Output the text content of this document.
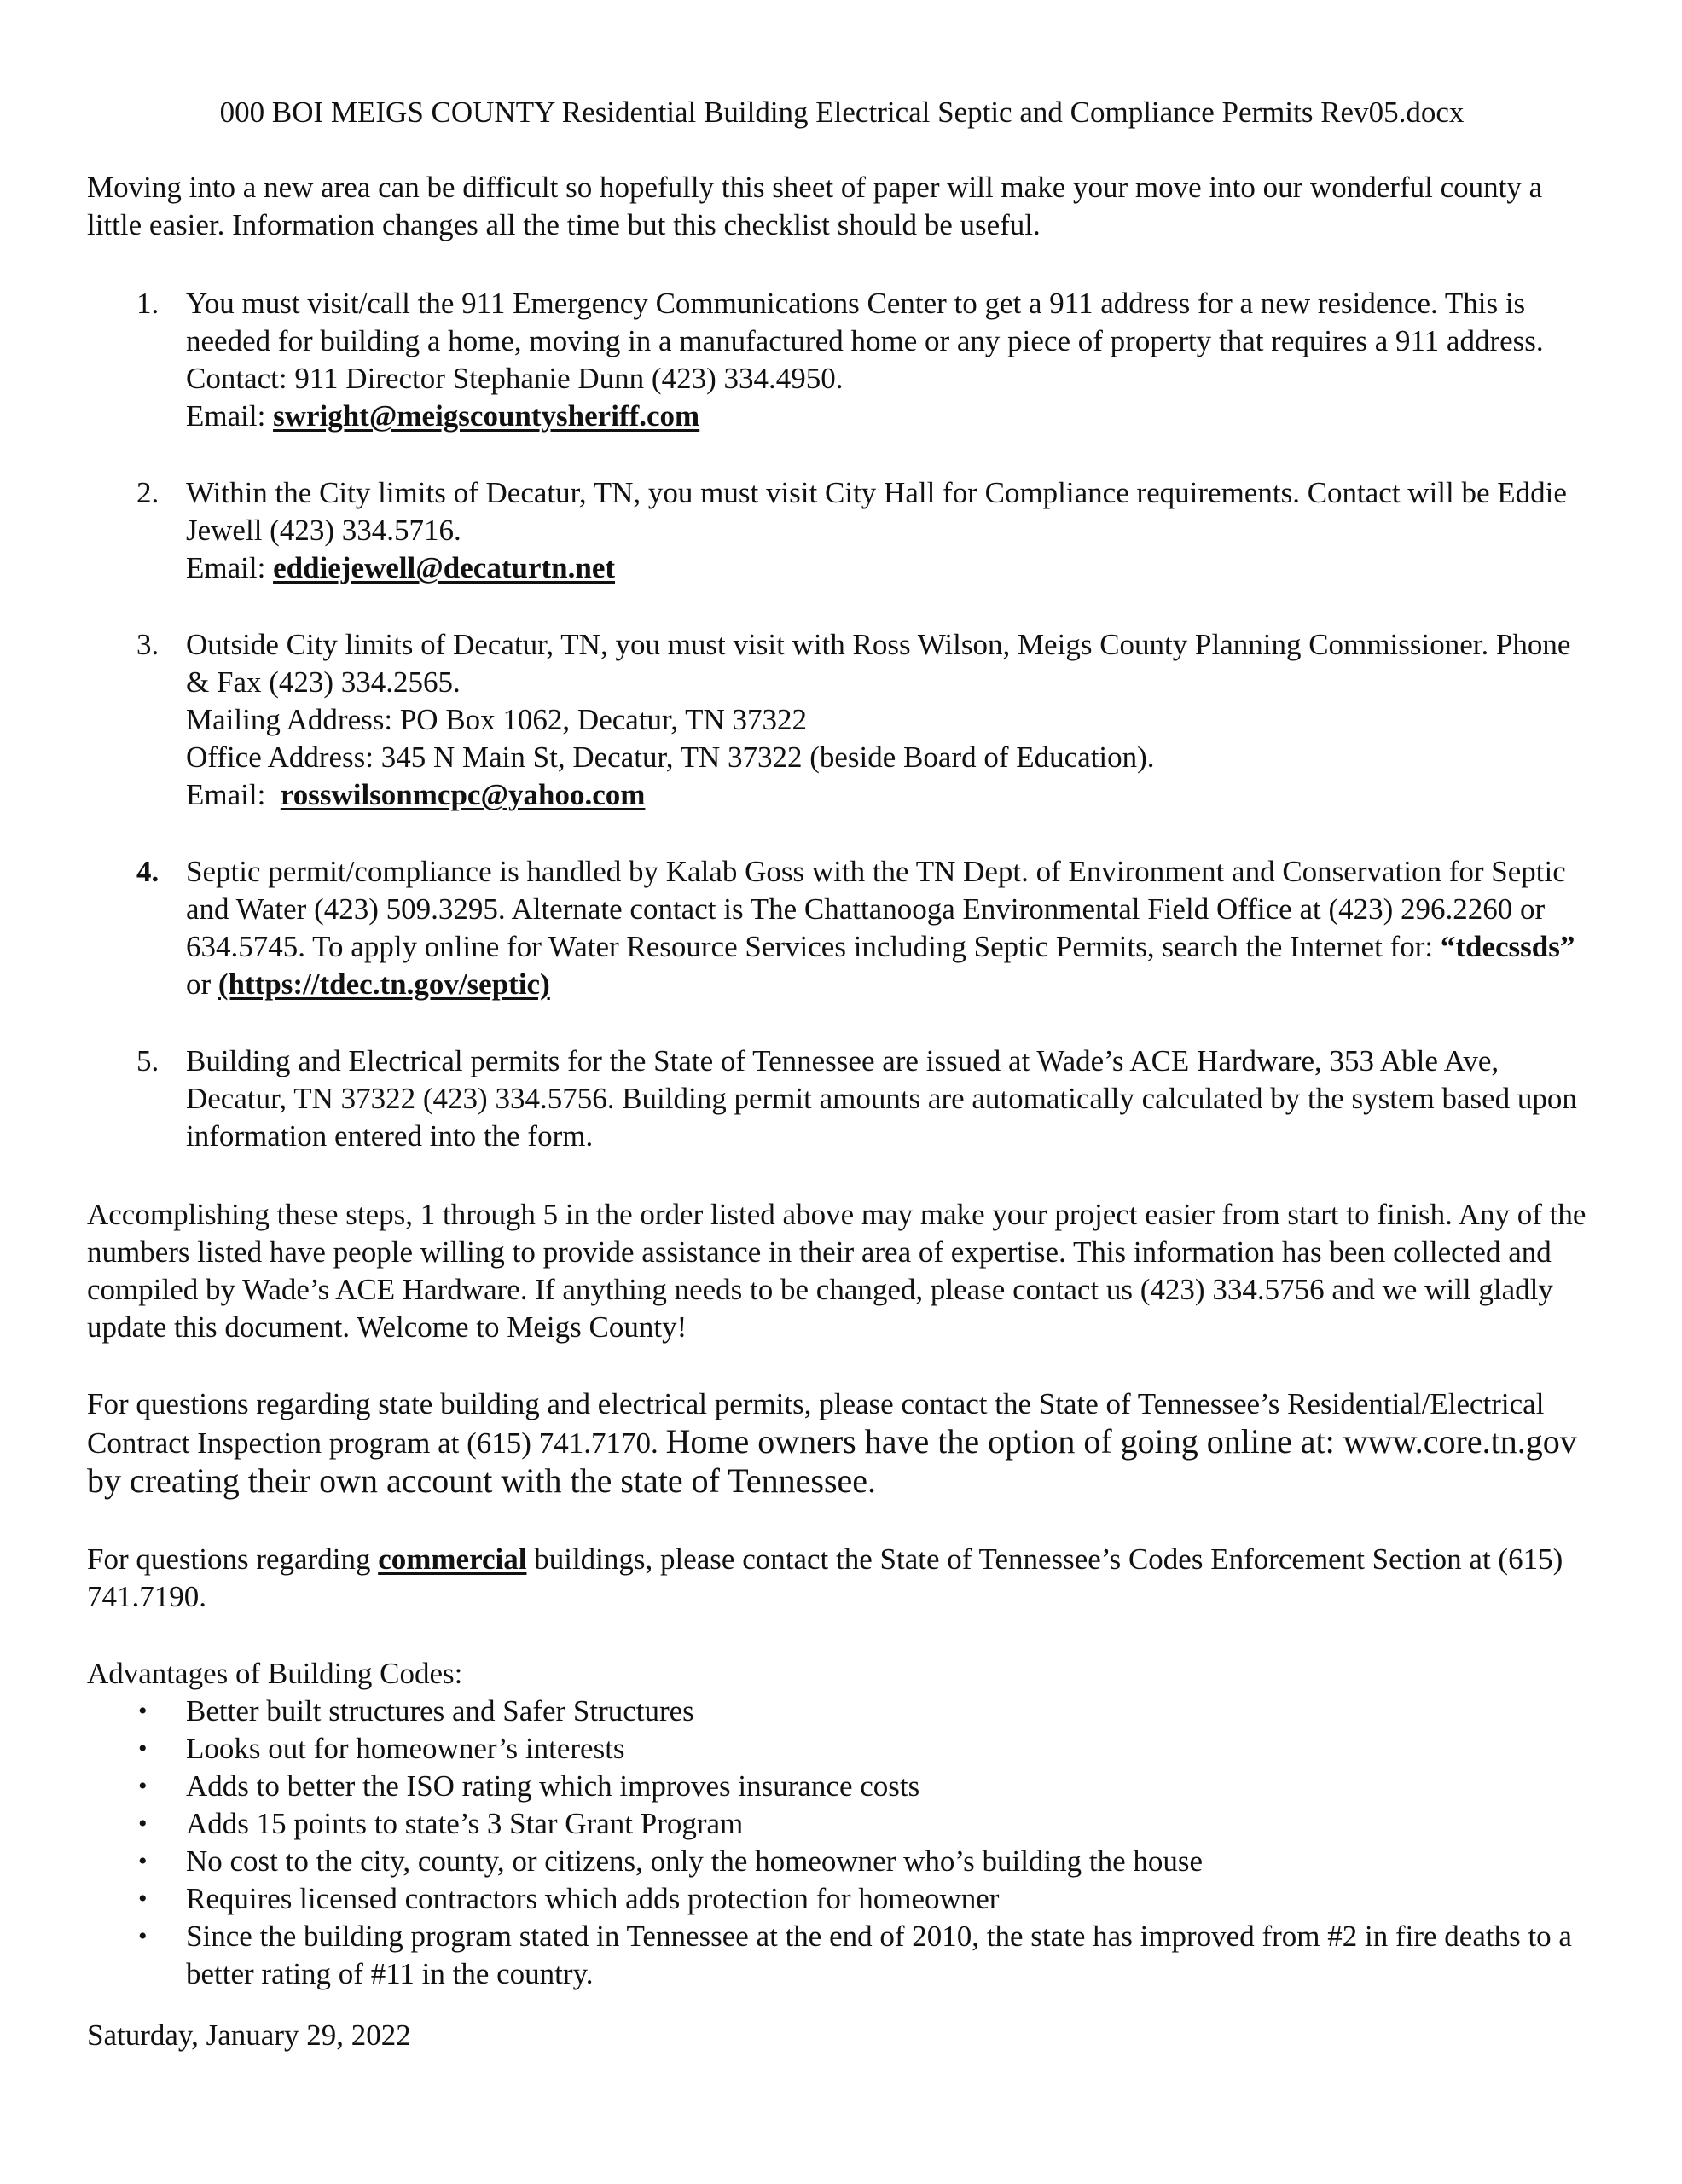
000 BOI MEIGS COUNTY Residential Building Electrical Septic and Compliance Permits Rev05.docx

Moving into a new area can be difficult so hopefully this sheet of paper will make your move into our wonderful county a little easier. Information changes all the time but this checklist should be useful.

1. You must visit/call the 911 Emergency Communications Center to get a 911 address for a new residence. This is needed for building a home, moving in a manufactured home or any piece of property that requires a 911 address. Contact: 911 Director Stephanie Dunn (423) 334.4950.
Email: swright@meigscountysheriff.com
2. Within the City limits of Decatur, TN, you must visit City Hall for Compliance requirements. Contact will be Eddie Jewell (423) 334.5716.
Email: eddiejewell@decaturtn.net
3. Outside City limits of Decatur, TN, you must visit with Ross Wilson, Meigs County Planning Commissioner. Phone & Fax (423) 334.2565.
Mailing Address: PO Box 1062, Decatur, TN 37322
Office Address: 345 N Main St, Decatur, TN 37322 (beside Board of Education).
Email:  rosswilsonmcpc@yahoo.com
4. Septic permit/compliance is handled by Kalab Goss with the TN Dept. of Environment and Conservation for Septic and Water (423) 509.3295. Alternate contact is The Chattanooga Environmental Field Office at (423) 296.2260 or 634.5745. To apply online for Water Resource Services including Septic Permits, search the Internet for: “tdecssds” or (https://tdec.tn.gov/septic)
5. Building and Electrical permits for the State of Tennessee are issued at Wade’s ACE Hardware, 353 Able Ave, Decatur, TN 37322 (423) 334.5756. Building permit amounts are automatically calculated by the system based upon information entered into the form.

Accomplishing these steps, 1 through 5 in the order listed above may make your project easier from start to finish. Any of the numbers listed have people willing to provide assistance in their area of expertise. This information has been collected and compiled by Wade’s ACE Hardware. If anything needs to be changed, please contact us (423) 334.5756 and we will gladly update this document. Welcome to Meigs County!

For questions regarding state building and electrical permits, please contact the State of Tennessee’s Residential/Electrical Contract Inspection program at (615) 741.7170. Home owners have the option of going online at: www.core.tn.gov by creating their own account with the state of Tennessee.

For questions regarding commercial buildings, please contact the State of Tennessee’s Codes Enforcement Section at (615) 741.7190.

Advantages of Building Codes:

• Better built structures and Safer Structures
• Looks out for homeowner’s interests
• Adds to better the ISO rating which improves insurance costs
• Adds 15 points to state’s 3 Star Grant Program
• No cost to the city, county, or citizens, only the homeowner who’s building the house
• Requires licensed contractors which adds protection for homeowner
• Since the building program stated in Tennessee at the end of 2010, the state has improved from #2 in fire deaths to a better rating of #11 in the country.

Saturday, January 29, 2022
